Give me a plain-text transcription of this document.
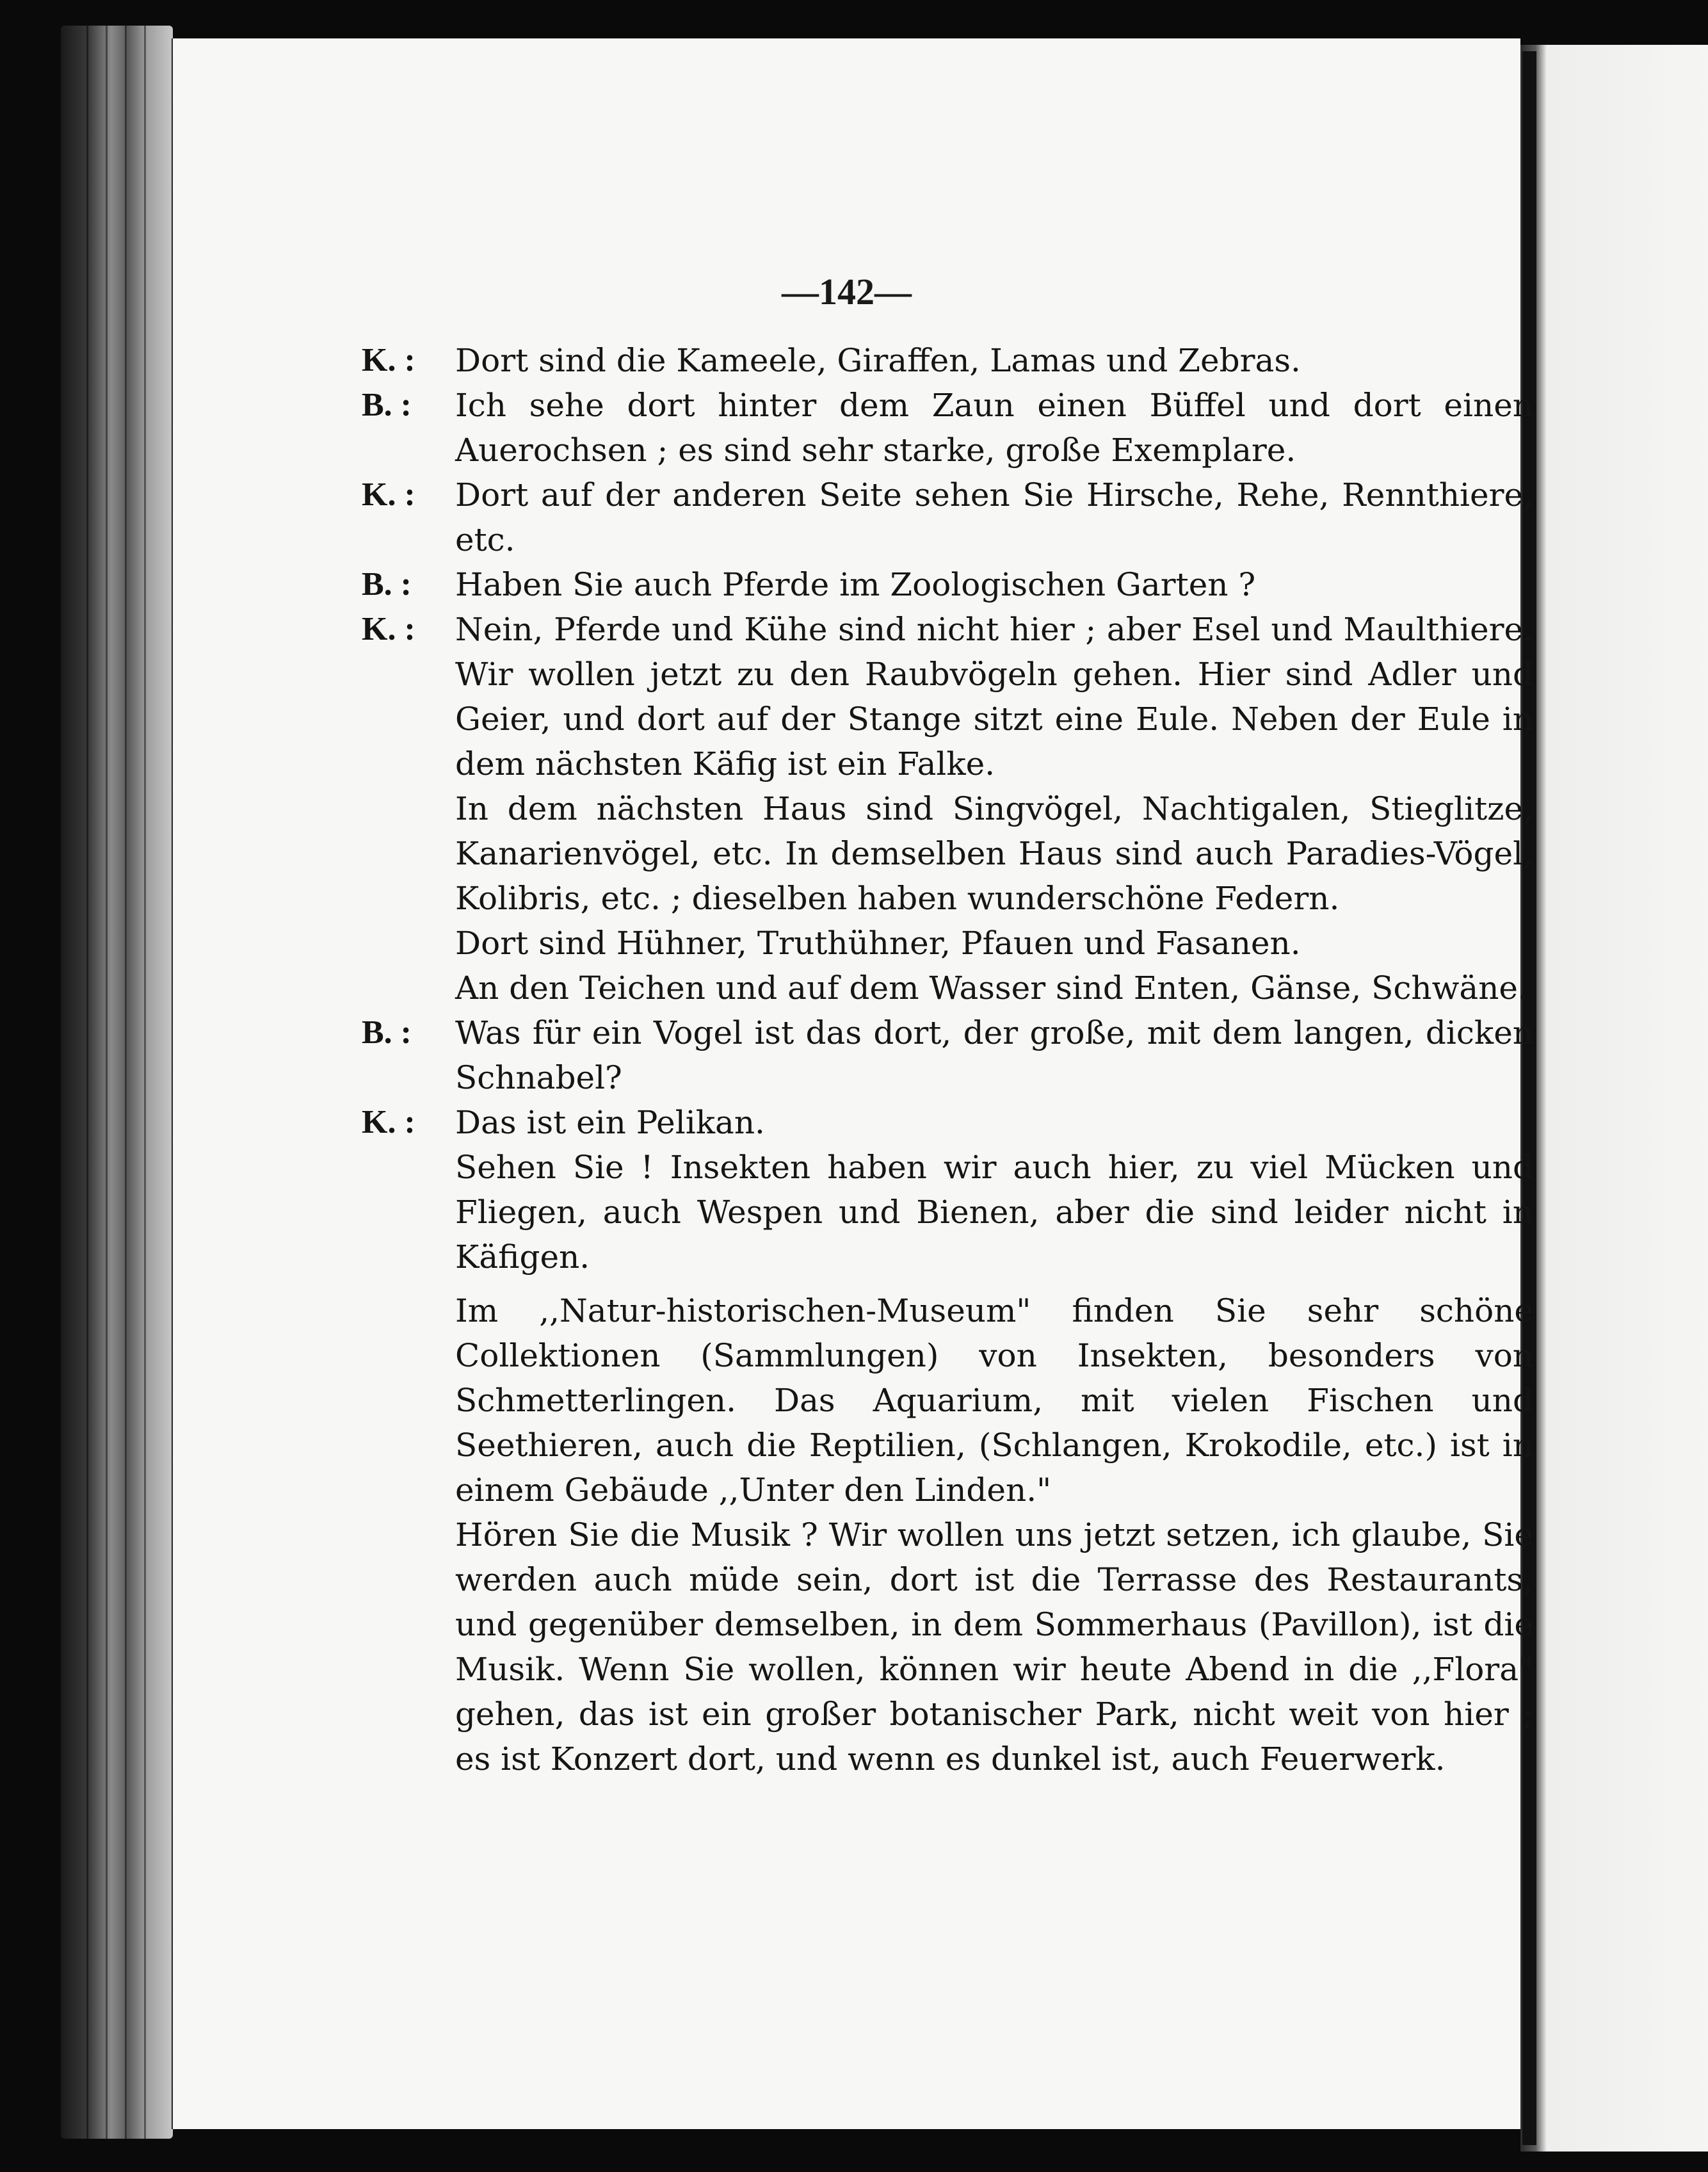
—142—
K. :	Dort sind die Kameele, Giraffen, Lamas und Zebras.
B. :	Ich sehe dort hinter dem Zaun einen Büffel und dort einen Auerochsen ; es sind sehr starke, große Exemplare.
K. :	Dort auf der anderen Seite sehen Sie Hirsche, Rehe, Rennthiere, etc.
B. :	Haben Sie auch Pferde im Zoologischen Garten ?
K. :	Nein, Pferde und Kühe sind nicht hier ; aber Esel und Maulthiere. Wir wollen jetzt zu den Raubvögeln gehen. Hier sind Adler und Geier, und dort auf der Stange sitzt eine Eule. Neben der Eule in dem nächsten Käfig ist ein Falke.
In dem nächsten Haus sind Singvögel, Nachtigalen, Stieglitze, Kanarienvögel, etc. In demselben Haus sind auch Paradies-Vögel, Kolibris, etc. ; dieselben haben wunderschöne Federn.
Dort sind Hühner, Truthühner, Pfauen und Fasanen.
An den Teichen und auf dem Wasser sind Enten, Gänse, Schwäne.
B. :	Was für ein Vogel ist das dort, der große, mit dem langen, dicken Schnabel?
K. :	Das ist ein Pelikan.
Sehen Sie ! Insekten haben wir auch hier, zu viel Mücken und Fliegen, auch Wespen und Bienen, aber die sind leider nicht in Käfigen.
Im ,,Natur-historischen-Museum" finden Sie sehr schöne Collektionen (Sammlungen) von Insekten, besonders von Schmetterlingen. Das Aquarium, mit vielen Fischen und Seethieren, auch die Reptilien, (Schlangen, Krokodile, etc.) ist in einem Gebäude ,,Unter den Linden."
Hören Sie die Musik ? Wir wollen uns jetzt setzen, ich glaube, Sie werden auch müde sein, dort ist die Terrasse des Restaurants, und gegenüber demselben, in dem Sommerhaus (Pavillon), ist die Musik. Wenn Sie wollen, können wir heute Abend in die ,,Flora" gehen, das ist ein großer botanischer Park, nicht weit von hier ; es ist Konzert dort, und wenn es dunkel ist, auch Feuerwerk.
